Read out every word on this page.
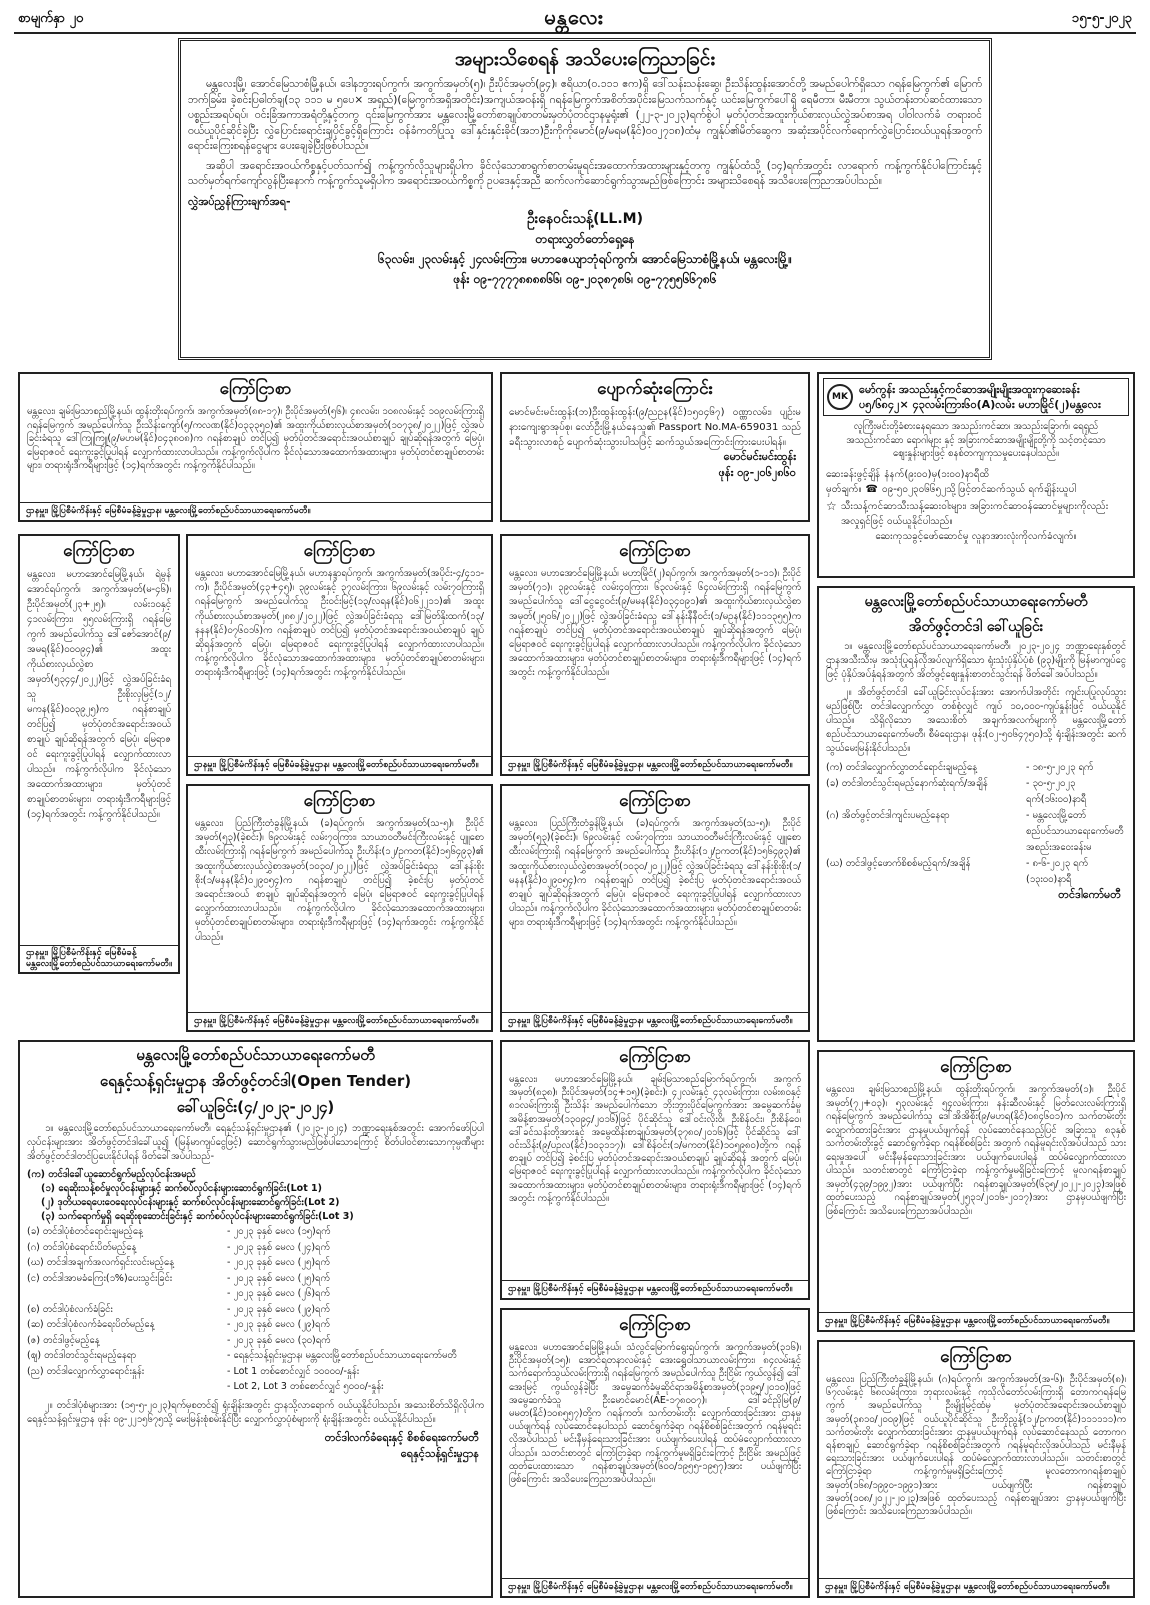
စာမျက်နှာ ၂၀	မန္တလေး	၁၅-၅-၂၀၂၃
အများသိစေရန် အသိပေးကြေညာခြင်း

မန္တလေးမြို့၊ အောင်မြေသာစံမြို့နယ်၊ ဒေါနဘွားရပ်ကွက်၊ အကွက်အမှတ်(၅)၊ ဦးပိုင်အမှတ်(၉၄)၊ ဧရိယာ(၀.၁၁၁ ဧက)ရှိ ဒေါ်သန်းသန်းဆွေ၊ ဦးသိန်းထွန်းအောင်တို့ အမည်ပေါက်ရှိသော ဂရန်မြေကွက်၏ မြောက်ဘက်ခြမ်း၊ ခဲ့စင်းပြဓါတ်ချ(၁၃ ၁၁၁ မ ၅ပေ× အရှည်)(မြေကွက်အရှိအတိုင်း)အကျယ်အဝန်းရှိ ဂရန်မြေကွက်အစိတ်အပိုင်းမြေသက်သက်နှင့် ယင်းမြေကွက်ပေါ်ရှိ ရေမီတာ၊ မီးမီတာ၊ သွယ်တန်းတပ်ဆင်ထားသော ပစ္စည်းအရပ်ရပ်၊ ဝင်းခြံအကာအရံတို့နှင့်တကွ ၎င်းမြေကွက်အား မန္တလေးမြို့တော်စာချုပ်စာတမ်းမှတ်ပုံတင်ဌာနမှုရုံး၏ (၂၂-၃-၂၀၂၃)ရက်စွဲပါ မှတ်ပုံတင်အထူးကိုယ်စားလှယ်လွှဲအပ်စာအရ ပါဝါလက်ခံ တရားဝင်ဝယ်ယူပိုင်ဆိုင်ခဲ့ပြီး လွှဲပြောင်းရောင်းချပိုင်ခွင့်ရှိကြောင်း ဝန်ခံကတိပြုသူ ဒေါ်နှင်းနှင်းခိုင်(အဘ)ဦးကိုကိုမောင်(၉/မရမ(နိုင်)၀၀၂၇၁၈)ထံမှ ကျွန်ုပ်၏မိတ်ဆွေက အဆုံးအပိုင်လက်ရောက်လွှဲပြောင်းဝယ်ယူရန်အတွက် ရောင်းကြေးစရန်ငွေများ ပေးချေခဲ့ပြီးဖြစ်ပါသည်။

အဆိုပါ အရောင်းအဝယ်ကိစ္စနှင့်ပတ်သက်၍ ကန့်ကွက်လိုသူများရှိပါက ခိုင်လုံသောစာရွက်စာတမ်းမူရင်းအထောက်အထားများနှင့်တကွ ကျွန်ုပ်ထံသို့ (၁၄)ရက်အတွင်း လာရောက် ကန့်ကွက်နိုင်ပါကြောင်းနှင့် သတ်မှတ်ရက်ကျော်လွန်ပြီးနောက် ကန့်ကွက်သူမရှိပါက အရောင်းအဝယ်ကိစ္စကို ဥပဒေနှင့်အညီ ဆက်လက်ဆောင်ရွက်သွားမည်ဖြစ်ကြောင်း အများသိစေရန် အသိပေးကြေညာအပ်ပါသည်။

လွှဲအပ်ညွှန်ကြားချက်အရ-
ဦးနေဝင်းသန့်(LL.M)
တရားလွှတ်တော်ရှေ့နေ
၆၃လမ်း၊ ၂၃လမ်းနှင့် ၂၄လမ်းကြား၊ မဟာဇေယျာဘုံရပ်ကွက်၊ အောင်မြေသာစံမြို့နယ်၊ မန္တလေးမြို့။
ဖုန်း ၀၉-၇၇၇၇၈၈၈၈၆၆၊ ၀၉-၂၀၃၈၇၈၆၊ ၀၉-၇၇၅၅၆၆၇၈၆
ကြော်ငြာစာ
မန္တလေး၊ ချမ်းမြသာစည်မြို့နယ်၊ ထွန်းတိုးရပ်ကွက်၊ အကွက်အမှတ်(၈၈-၁၇)၊ ဦးပိုင်အမှတ်(၅၆)၊ ၄၈လမ်း၊ ၁၀၈လမ်းနှင့် ၁၀၉လမ်းကြားရှိ ဂရန်မြေကွက် အမည်ပေါက်သူ ဦးသိန်းကျော်(၅/ကလဏ(နိုင်)၀၃၃၃၅၀)၏ အထူးကိုယ်စားလှယ်စာအမှတ်(၁၀၇၃၈/၂၀၂၂)ဖြင့် လွှဲအပ်ခြင်းခံရသူ ဒေါ်ကြူကြူ(၉/မဟမ(နိုင်)၀၄၃၈၀၈)က ဂရန်စာချုပ် တင်ပြ၍ မှတ်ပုံတင်အရောင်းအဝယ်စာချုပ် ချုပ်ဆိုရန်အတွက် မြေပုံ၊ မြေရာဇဝင် ရေးကူးခွင့်ပြုပါရန် လျှောက်ထားလာပါသည်။ ကန့်ကွက်လိုပါက ခိုင်လုံသောအထောက်အထားများ၊ မှတ်ပုံတင်စာချုပ်စာတမ်းများ၊ တရားရုံးဒီကရီများဖြင့် (၁၄)ရက်အတွင်း ကန့်ကွက်နိုင်ပါသည်။
ဌာနမှူး၊ မြို့ပြစီမံကိန်းနှင့် မြေစီမံခန့်ခွဲမှုဌာန၊ မန္တလေးမြို့တော်စည်ပင်သာယာရေးကော်မတီ။
ပျောက်ဆုံးကြောင်း
မောင်မင်းမင်းထွန်း(ဘ)ဦးထွန်းထွန်း(၉/ညဥန(နိုင်)၁၅၀၄၆၇) ဝဏ္ဏာလမ်း၊ ပျဉ်းမနားကျေးရွာအုပ်စု၊ လော်ဦးမြို့နယ်နေသူ၏ Passport No.MA-659031 သည် ခရီးသွားလာစဉ် ပျောက်ဆုံးသွားပါသဖြင့် ဆက်သွယ်အကြောင်းကြားပေးပါရန်။
မောင်မင်းမင်းထွန်း
ဖုန်း ၀၉-၂၀၆၂၈၆၀
MK
မော်ကွန်း အသည်းနှင့်ကင်ဆာအမျိုးမျိုးအထူးကုဆေးခန်း
ပ၅/၆၈၄၂× ၄၃လမ်းကြား၆၀(A)လမ်း မဟာမြိုင်(၂)မန္တလေး
လူကြီးမင်းတို့ခံစားနေရသော အသည်းကင်ဆာ၊ အသည်းခြောက်၊ ရေရှည်
အသည်းကင်ဆာ ရောဂါများ နှင့် အခြားကင်ဆာအမျိုးမျိုးတို့ကို သင့်တင့်သော
ဈေးနှုန်းများဖြင့် စနစ်တကျကုသမှုပေးနေပါသည်။
ဆေးခန်းဖွင့်ချိန် နံနက်(၉း၀၀)မှ(၁း၀၀)နာရီထိ
မှတ်ချက်။ ☎ ၀၉-၅၀၂၃၀၆၆၅၂သို့ဖြင့်တင်ဆက်သွယ် ရက်ချိန်းယူပါ
☆ သီးသန့်ကင်ဆာသီးသန့်ဆေးဝါးများ၊ အခြားကင်ဆာဝန်ဆောင်မှုများကိုလည်း
အလှုရှင်ဖြင့် ဝယ်ယူနိုင်ပါသည်။
ဆေးကုသခွင့်ဖော်ဆောင်မှု လူနာအားလုံးကိုလက်ခံလျက်။
ကြော်ငြာစာ
မန္တလေး၊ မဟာအောင်မြေမြို့နယ်၊ ရဲမွန်အောင်ရပ်ကွက်၊ အကွက်အမှတ်(မ-၄၆)၊ ဦးပိုင်အမှတ်(၂၃+၂၅)၊ လမ်း၁၀နှင့် ၄၁လမ်းကြား၊ ၅၅လမ်းကြားရှိ ဂရန်မြေကွက် အမည်ပေါက်သူ ဒေါ်ဇော်အောင်(၉/အမရ(နိုင်)၀၀၀၉၄)၏ အထူးကိုယ်စားလှယ်လွှဲစာ အမှတ်(၅၃၄၄/၂၀၂၂)ဖြင့် လွှဲအပ်ခြင်းခံရသူ ဦးစိုးလှမြင့်(၁၂/မကန(နိုင်)၀၀၃၉၂၅)က ဂရန်စာချုပ် တင်ပြ၍ မှတ်ပုံတင်အရောင်းအဝယ် စာချုပ် ချုပ်ဆိုရန်အတွက် မြေပုံ၊ မြေရာဇဝင် ရေးကူးခွင့်ပြုပါရန် လျှောက်ထားလာပါသည်။ ကန့်ကွက်လိုပါက ခိုင်လုံသောအထောက်အထားများ၊ မှတ်ပုံတင်စာချုပ်စာတမ်းများ၊ တရားရုံးဒီကရီများဖြင့် (၁၄)ရက်အတွင်း ကန့်ကွက်နိုင်ပါသည်။
ဌာနမှူး၊ မြို့ပြစီမံကိန်းနှင့် မြေစီမံခန့်
မန္တလေးမြို့တော်စည်ပင်သာယာရေးကော်မတီ။
ကြော်ငြာစာ
မန္တလေး၊ မဟာအောင်မြေမြို့နယ်၊ မဟာနန္ဒာရပ်ကွက်၊ အကွက်အမှတ်(အပိုင်း-၄/၄၁၁-က)၊ ဦးပိုင်အမှတ်(၄၃+၄၅)၊ ၃၉လမ်းနှင့် ၃၇လမ်းကြား၊ ၆၉လမ်းနှင့် လမ်း၇၀ကြားရှိ ဂရန်မြေကွက် အမည်ပေါက်သူ ဦးဝင်းမြင့်(၁၃/လရန(နိုင်)၀၆၂၂၁၁)၏ အထူးကိုယ်စားလှယ်စာအမှတ်(၂၈၈၂/၂၀၂၂)ဖြင့် လွှဲအပ်ခြင်းခံရသူ ဒေါ်မြတ်နိုးထက်(၁၃/နနန(နိုင်)၀၇၆၀၁၆)က ဂရန်စာချုပ် တင်ပြ၍ မှတ်ပုံတင်အရောင်းအဝယ်စာချုပ် ချုပ်ဆိုရန်အတွက် မြေပုံ၊ မြေရာဇဝင် ရေးကူးခွင့်ပြုပါရန် လျှောက်ထားလာပါသည်။ ကန့်ကွက်လိုပါက ခိုင်လုံသောအထောက်အထားများ၊ မှတ်ပုံတင်စာချုပ်စာတမ်းများ၊ တရားရုံးဒီကရီများဖြင့် (၁၄)ရက်အတွင်း ကန့်ကွက်နိုင်ပါသည်။
ဌာနမှူး၊ မြို့ပြစီမံကိန်းနှင့် မြေစီမံခန့်ခွဲမှုဌာန၊ မန္တလေးမြို့တော်စည်ပင်သာယာရေးကော်မတီ။
ကြော်ငြာစာ
မန္တလေး၊ မဟာအောင်မြေမြို့နယ်၊ မဟာမြိုင်(၂)ရပ်ကွက်၊ အကွက်အမှတ်(၁-၁၁)၊ ဦးပိုင်အမှတ်(၇၁)၊ ၃၉လမ်းနှင့် လမ်း၄၀ကြား၊ ၆၃လမ်းနှင့် ၆၄လမ်းကြားရှိ ဂရန်မြေကွက် အမည်ပေါက်သူ ဒေါ်ငွေငွေဝင်း(၉/မမန(နိုင်)၀၃၄၀၉၁)၏ အထူးကိုယ်စားလှယ်လွှဲစာအမှတ်(၂၅၀၆/၂၀၂၂)ဖြင့် လွှဲအပ်ခြင်းခံရသူ ဒေါ်နန်းနီနီဝင်း(၁/မဥန(နိုင်)၁၁၁၃၅၅)က ဂရန်စာချုပ် တင်ပြ၍ မှတ်ပုံတင်အရောင်းအဝယ်စာချုပ် ချုပ်ဆိုရန်အတွက် မြေပုံ၊ မြေရာဇဝင် ရေးကူးခွင့်ပြုပါရန် လျှောက်ထားလာပါသည်။ ကန့်ကွက်လိုပါက ခိုင်လုံသောအထောက်အထားများ၊ မှတ်ပုံတင်စာချုပ်စာတမ်းများ၊ တရားရုံးဒီကရီများဖြင့် (၁၄)ရက်အတွင်း ကန့်ကွက်နိုင်ပါသည်။
ဌာနမှူး၊ မြို့ပြစီမံကိန်းနှင့် မြေစီမံခန့်ခွဲမှုဌာန၊ မန္တလေးမြို့တော်စည်ပင်သာယာရေးကော်မတီ။
ကြော်ငြာစာ
မန္တလေး၊ ပြည်ကြီးတံခွန်မြို့နယ်၊ (ခ)ရပ်ကွက်၊ အကွက်အမှတ်(သ-၅)၊ ဦးပိုင်အမှတ်(၅၃)(ခဲ့စင်း)၊ ၆၉လမ်းနှင့် လမ်း၇၀ကြား၊ သာယာဝတီမင်းကြီးလမ်းနှင့် ပျူစောထီးလမ်းကြားရှိ ဂရန်မြေကွက် အမည်ပေါက်သူ ဦးဟိန်း(၁၂/ဥကတ(နိုင်)၁၅၆၄၉၃)၏ အထူးကိုယ်စားလှယ်လွှဲစာအမှတ်(၁၀၃၀/၂၀၂၂)ဖြင့် လွှဲအပ်ခြင်းခံရသူ ဒေါ်နန်းစိုးစိုး(၁/မနန(နိုင်)၀၂၉၀၅၄)က ဂရန်စာချုပ် တင်ပြ၍ ခဲ့စင်းပြ မှတ်ပုံတင်အရောင်းအဝယ် စာချုပ် ချုပ်ဆိုရန်အတွက် မြေပုံ၊ မြေရာဇဝင် ရေးကူးခွင့်ပြုပါရန် လျှောက်ထားလာပါသည်။ ကန့်ကွက်လိုပါက ခိုင်လုံသောအထောက်အထားများ၊ မှတ်ပုံတင်စာချုပ်စာတမ်းများ၊ တရားရုံးဒီကရီများဖြင့် (၁၄)ရက်အတွင်း ကန့်ကွက်နိုင်ပါသည်။
ဌာနမှူး၊ မြို့ပြစီမံကိန်းနှင့် မြေစီမံခန့်ခွဲမှုဌာန၊ မန္တလေးမြို့တော်စည်ပင်သာယာရေးကော်မတီ။
ကြော်ငြာစာ
မန္တလေး၊ ပြည်ကြီးတံခွန်မြို့နယ်၊ (ခ)ရပ်ကွက်၊ အကွက်အမှတ်(သ-၅)၊ ဦးပိုင်အမှတ်(၅၃)(ခဲ့စင်း)၊ ၆၉လမ်းနှင့် လမ်း၇၀ကြား၊ သာယာဝတီမင်းကြီးလမ်းနှင့် ပျူစောထီးလမ်းကြားရှိ ဂရန်မြေကွက် အမည်ပေါက်သူ ဦးဟိန်း(၁၂/ဥကတ(နိုင်)၁၅၆၄၉၃)၏ အထူးကိုယ်စားလှယ်လွှဲစာအမှတ်(၁၀၃၀/၂၀၂၂)ဖြင့် လွှဲအပ်ခြင်းခံရသူ ဒေါ်နန်းစိုးစိုး(၁/မနန(နိုင်)၀၂၉၀၅၄)က ဂရန်စာချုပ် တင်ပြ၍ ခဲ့စင်းပြ မှတ်ပုံတင်အရောင်းအဝယ် စာချုပ် ချုပ်ဆိုရန်အတွက် မြေပုံ၊ မြေရာဇဝင် ရေးကူးခွင့်ပြုပါရန် လျှောက်ထားလာပါသည်။ ကန့်ကွက်လိုပါက ခိုင်လုံသောအထောက်အထားများ၊ မှတ်ပုံတင်စာချုပ်စာတမ်းများ၊ တရားရုံးဒီကရီများဖြင့် (၁၄)ရက်အတွင်း ကန့်ကွက်နိုင်ပါသည်။
ဌာနမှူး၊ မြို့ပြစီမံကိန်းနှင့် မြေစီမံခန့်ခွဲမှုဌာန၊ မန္တလေးမြို့တော်စည်ပင်သာယာရေးကော်မတီ။
မန္တလေးမြို့တော်စည်ပင်သာယာရေးကော်မတီ
အိတ်ဖွင့်တင်ဒါ ခေါ်ယူခြင်း

၁။ မန္တလေးမြို့တော်စည်ပင်သာယာရေးကော်မတီ၊ ၂၀၂၃-၂၀၂၄ ဘဏ္ဍာရေးနှစ်တွင် ဌာနအသီးသီးမှ အသုံးပြုရန်လိုအပ်လျက်ရှိသော ရုံးသုံးပုံနှိပ်ပုံစံ (၉၃)မျိုးကို မြန်မာကျပ်ငွေဖြင့် ပုံနှိပ်အပ်နှံရန်အတွက် အိတ်ဖွင့်ဈေးနှုန်းစာတင်သွင်းရန် ဖိတ်ခေါ်အပ်ပါသည်။

၂။ အိတ်ဖွင့်တင်ဒါ ခေါ်ယူခြင်းလုပ်ငန်းအား အောက်ပါအတိုင်း ကျင်းပပြုလုပ်သွားမည်ဖြစ်ပြီး တင်ဒါလျှောက်လွှာ တစ်စုံလျှင် ကျပ် ၁၀,၀၀၀-ကျပ်နှုန်းဖြင့် ဝယ်ယူနိုင်ပါသည်။ သိရှိလိုသော အသေးစိတ် အချက်အလက်များကို မန္တလေးမြို့တော်စည်ပင်သာယာရေးကော်မတီ၊ စီမံရေးဌာန၊ ဖုန်း(၀၂-၅၀၆၄၇၅၀)သို့ ရုံးချိန်းအတွင်း ဆက်သွယ်မေးမြန်းနိုင်ပါသည်။

(က) တင်ဒါလျှောက်လွှာတင်ရောင်းချမည့်နေ့	- ၁၈-၅-၂၀၂၃ ရက်
(ခ) တင်ဒါတင်သွင်းရမည့်နောက်ဆုံးရက်/အချိန်	- ၃၀-၅-၂၀၂၃ ရက်(၁၆း၀၀)နာရီ
(ဂ) အိတ်ဖွင့်တင်ဒါကျင်းပမည့်နေရာ	- မန္တလေးမြို့တော်စည်ပင်သာယာရေးကော်မတီအစည်းအဝေးခန်းမ
(ဃ) တင်ဒါဖွင့်ဖောက်စိစစ်မည့်ရက်/အချိန်	- ၈-၆-၂၀၂၃ ရက် (၁၃း၀၀)နာရီ
တင်ဒါကော်မတီ
မန္တလေးမြို့တော်စည်ပင်သာယာရေးကော်မတီ
ရေနှင့်သန့်ရှင်းမှုဌာန အိတ်ဖွင့်တင်ဒါ(Open Tender)
ခေါ်ယူခြင်း(၄/၂၀၂၃-၂၀၂၄)

၁။ မန္တလေးမြို့တော်စည်ပင်သာယာရေးကော်မတီ၊ ရေနှင့်သန့်ရှင်းမှုဌာန၏ (၂၀၂၃-၂၀၂၄) ဘဏ္ဍာရေးနှစ်အတွင်း အောက်ဖော်ပြပါ လုပ်ငန်းများအား အိတ်ဖွင့်တင်ဒါခေါ်ယူ၍ (မြန်မာကျပ်ငွေဖြင့်) ဆောင်ရွက်သွားမည်ဖြစ်ပါသောကြောင့် စိတ်ပါဝင်စားသောကုမ္ပဏီများ အိတ်ဖွင့်တင်ဒါတင်ပြပေးနိုင်ပါရန် ဖိတ်ခေါ်အပ်ပါသည်-

(က) တင်ဒါခေါ်ယူဆောင်ရွက်မည့်လုပ်ငန်းအမည်
(၁) ရေဆိုးသန့်စင်မှုလုပ်ငန်းများနှင့် ဆက်စပ်လုပ်ငန်းများဆောင်ရွက်ခြင်း(Lot 1)
(၂) ဒုတိယရေပေးဝေရေးလုပ်ငန်းများနှင့် ဆက်စပ်လုပ်ငန်းများဆောင်ရွက်ခြင်း(Lot 2)
(၃) သက်ရောက်မှုရှိ ရေဆိုးစုဆောင်းခြင်းနှင့် ဆက်စပ်လုပ်ငန်းများဆောင်ရွက်ခြင်း(Lot 3)
(ခ) တင်ဒါပုံစံတင်ရောင်းချမည့်နေ့	- ၂၀၂၃ ခုနှစ် မေလ (၁၅)ရက်
(ဂ) တင်ဒါပုံစံရောင်းပိတ်မည့်နေ့	- ၂၀၂၃ ခုနှစ် မေလ (၂၄)ရက်
(ဃ) တင်ဒါအချက်အလက်ရှင်းလင်းမည့်နေ့	- ၂၀၂၃ ခုနှစ် မေလ (၂၅)ရက်
(င) တင်ဒါအာမခံကြေး(၁%)ပေးသွင်းခြင်း	- ၂၀၂၃ ခုနှစ် မေလ (၂၅)ရက်
- ၂၀၂၃ ခုနှစ် မေလ (၂၆)ရက်
(စ) တင်ဒါပုံစံလက်ခံခြင်း	- ၂၀၂၃ ခုနှစ် မေလ (၂၉)ရက်
(ဆ) တင်ဒါပုံစံလက်ခံရေးပိတ်မည့်နေ့	- ၂၀၂၃ ခုနှစ် မေလ (၂၉)ရက်
(ဇ) တင်ဒါဖွင့်မည့်နေ့	- ၂၀၂၃ ခုနှစ် မေလ (၃၀)ရက်
(ဈ) တင်ဒါတင်သွင်းရမည့်နေရာ	- ရေနှင့်သန့်ရှင်းမှုဌာန၊ မန္တလေးမြို့တော်စည်ပင်သာယာရေးကော်မတီ
(ည) တင်ဒါလျှောက်လွှာရောင်းနှုန်း	- Lot 1 တစ်စောင်လျှင် ၁၀၀၀၀/-နှုန်း
- Lot 2, Lot 3 တစ်စောင်လျှင် ၅၀၀၀/-နှုန်း

၂။ တင်ဒါပုံစံများအား (၁၅-၅-၂၀၂၃)ရက်မှစတင်၍ ရုံးချိန်းအတွင်း ဌာနသို့လာရောက် ဝယ်ယူနိုင်ပါသည်။ အသေးစိတ်သိရှိလိုပါက ရေနှင့်သန့်ရှင်းမှုဌာန ဖုန်း ၀၉-၂၂၁၅၆၇၅သို့ မေးမြန်းစုံစမ်းနိုင်ပြီး လျှောက်လွှာပုံစံများကို ရုံးချိန်းအတွင်း ဝယ်ယူနိုင်ပါသည်။

တင်ဒါလက်ခံရေးနှင့် စိစစ်ရေးကော်မတီ
ရေနှင့်သန့်ရှင်းမှုဌာန
ကြော်ငြာစာ
မန္တလေး၊ မဟာအောင်မြေမြို့နယ်၊ ချမ်းမြသာစည်မြောက်ရပ်ကွက်၊ အကွက်အမှတ်(၈၃၈)၊ ဦးပိုင်အမှတ်(၁၄+၁၅)(ခဲ့စင်း)၊ ၄၂လမ်းနှင့် ၄၃လမ်းကြား၊ လမ်း၈၀နှင့် ၈၁လမ်းကြားရှိ ဦးသိန်း အမည်ပေါက်သော ဘိုးဘွားပိုင်မြေကွက်အား အမွေဆက်ခံမှုအမိန့်စာအမှတ်(၁၃၀၉၄/၂၀၁၆)ဖြင့် ပိုင်ဆိုင်သူ ဒေါ်ဝင်းလိုးဝိ၊ ဦးစိန်ဝင်း၊ ဦးစိန်ဝေ၊ ဒေါ်ခင်သန်းတို့အားနှင့် အမွေထိန်းစာချုပ်အမှတ်(၃၇၈၀/၂၀၁၆)ဖြင့် ပိုင်ဆိုင်သူ ဒေါ်ဝင်းသိန်း(၉/ပဥလ(နိုင်)၁၀၃၁၁၇)၊ ဒေါ်စိန်ဝင်း(၁/မကတ(နိုင်)၁၀၅၉၈၀)တို့က ဂရန်စာချုပ် တင်ပြ၍ ခဲ့စင်းပြ မှတ်ပုံတင်အရောင်းအဝယ်စာချုပ် ချုပ်ဆိုရန် အတွက် မြေပုံ၊ မြေရာဇဝင် ရေးကူးခွင့်ပြုပါရန် လျှောက်ထားလာပါသည်။ ကန့်ကွက်လိုပါက ခိုင်လုံသောအထောက်အထားများ၊ မှတ်ပုံတင်စာချုပ်စာတမ်းများ၊ တရားရုံးဒီကရီများဖြင့် (၁၄)ရက်အတွင်း ကန့်ကွက်နိုင်ပါသည်။
ဌာနမှူး၊ မြို့ပြစီမံကိန်းနှင့် မြေစီမံခန့်ခွဲမှုဌာန၊ မန္တလေးမြို့တော်စည်ပင်သာယာရေးကော်မတီ။
ကြော်ငြာစာ
မန္တလေး၊ မဟာအောင်မြေမြို့နယ်၊ သံလွင်မြောက်ရွေးရပ်ကွက်၊ အကွက်အမှတ်(၃၁၆)၊ ဦးပိုင်အမှတ်(၁၅)၊ အောင်ရတနာလမ်းနှင့် အေးရွှေဝါသာယာလမ်းကြား၊ ၈၄လမ်းနှင့် သက်ရောက်သွယ်လမ်းကြားရှိ ဂရန်မြေကွက် အမည်ပေါက်သူ ဦးငြိမ်း ကွယ်လွန်၍ ဒေါ်အေးမြင့် ကွယ်လွန်ခဲ့ပြီး အမွေဆက်ခံမှုဆိုင်ရာအမိန့်စာအမှတ်(၃၁၉၅/၂၀၁၀)ဖြင့် အမွေဆက်ခံသူ ဦးမောင်မောင်(AE-၁၇၈၀၀၇)၊ ဒေါ်ခင်ညိုမြ(၉/မမတ(နိုင်)၁၀၈၅၅၇)တို့က ဂရန်ကတ်၊ သက်တမ်းတိုး လျှောက်ထားခြင်းအား ဌာနမှုပယ်ဖျက်ရန် လုပ်ဆောင်နေပါသည် ဆောင်ရွက်ခဲ့ရာ ဂရန်စိစစ်ခြင်းအတွက် ဂရန်မူရင်းလိုအပ်ပါသည် မင်းနီမှန်ရေးသားခြင်းအား ပယ်ဖျက်ပေးပါရန် ထပ်မံလျှောက်ထားလာပါသည်။ သတင်းစာတွင် ကြော်ငြာခဲ့ရာ ကန့်ကွက်မှုမရှိခြင်းကြောင့် ဦးငြိမ်း အမည်ဖြင့် ထုတ်ပေးထားသော ဂရန်စာချုပ်အမှတ်(၆၀၀/၁၉၅၅-၁၉၅၇)အား ပယ်ဖျက်ပြီးဖြစ်ကြောင်း အသိပေးကြေညာအပ်ပါသည်။
ဌာနမှူး၊ မြို့ပြစီမံကိန်းနှင့် မြေစီမံခန့်ခွဲမှုဌာန၊ မန္တလေးမြို့တော်စည်ပင်သာယာရေးကော်မတီ။
ကြော်ငြာစာ
မန္တလေး၊ ချမ်းမြသာစည်မြို့နယ်၊ ထွန်းတိုးရပ်ကွက်၊ အကွက်အမှတ်(၁)၊ ဦးပိုင်အမှတ်(၇၂+၀၃)၊ ၅၃လမ်းနှင့် ၅၄လမ်းကြား၊ နန်းဆီလမ်းနှင့် မြတ်လေးလမ်းကြားရှိ ဂရန်မြေကွက် အမည်ပေါက်သူ ဒေါ်အိအိစိုး(၉/မဟရ(နိုင်)၀၈၄၆၀၁)က သက်တမ်းတိုး လျှောက်ထားခြင်းအား ဌာနမှုပယ်ဖျက်ရန် လုပ်ဆောင်နေသည့်ပြင် အခြားသူ ၈၃နှစ် သက်တမ်းတိုးခွင့် ဆောင်ရွက်ခဲ့ရာ ဂရန်စိစစ်ခြင်း အတွက် ဂရန်မူရင်းလိုအပ်ပါသည် သားရေးမှုအပေါ် မင်းနီမှန်ရေးသားခြင်းအား ပယ်ဖျက်ပေးပါရန် ထပ်မံလျှောက်ထားလာပါသည်။ သတင်းစာတွင် ကြော်ငြာခဲ့ရာ ကန့်ကွက်မှုမရှိခြင်းကြောင့် မူလဂရန်စာချုပ်အမှတ်(၄၃၉/၁၉၉၂)အား ပယ်ဖျက်ပြီး ဂရန်စာချုပ်အမှတ်(၆၃၅/၂၀၂၂-၂၀၂၃)အဖြစ် ထုတ်ပေးသည့် ဂရန်စာချုပ်အမှတ်(၂၅၃၁/၂၀၁၆-၂၀၁၇)အား ဌာနမှပယ်ဖျက်ပြီးဖြစ်ကြောင်း အသိပေးကြေညာအပ်ပါသည်။
ဌာနမှူး၊ မြို့ပြစီမံကိန်းနှင့် မြေစီမံခန့်ခွဲမှုဌာန၊ မန္တလေးမြို့တော်စည်ပင်သာယာရေးကော်မတီ။
ကြော်ငြာစာ
မန္တလေး၊ ပြည်ကြီးတံခွန်မြို့နယ်၊ (ဂ)ရပ်ကွက်၊ အကွက်အမှတ်(အ-၆)၊ ဦးပိုင်အမှတ်(၈)၊ ၆၇လမ်းနှင့် ၆၈လမ်းကြား၊ ဘုရားလမ်းနှင့် ကုသိုလ်တော်လမ်းကြားရှိ တောကဂရန်မြေကွက် အမည်ပေါက်သူ ဦးမျိုးမြင့်ထံမှ မှတ်ပုံတင်အရောင်းအဝယ်စာချုပ်အမှတ်(၃၈၁၀/၂၀၀၉)ဖြင့် ဝယ်ယူပိုင်ဆိုင်သူ ဦးဘိုညွန့်(၁၂/ဥကတ(နိုင်)၁၁၁၁၁၁)က သက်တမ်းတိုး လျှောက်ထားခြင်းအား ဌာနမှုပယ်ဖျက်ရန် လုပ်ဆောင်နေသည် တောကဂရန်စာချုပ် ဆောင်ရွက်ခဲ့ရာ ဂရန်စိစစ်ခြင်းအတွက် ဂရန်မူရင်းလိုအပ်ပါသည် မင်းနီမှန်ရေးသားခြင်းအား ပယ်ဖျက်ပေးပါရန် ထပ်မံလျှောက်ထားလာပါသည်။ သတင်းစာတွင် ကြော်ငြာခဲ့ရာ ကန့်ကွက်မှုမရှိခြင်းကြောင့် မူလတောကဂရန်စာချုပ်အမှတ်(၁၆၈/၁၉၉၀-၁၉၉၁)အား ပယ်ဖျက်ပြီး ဂရန်စာချုပ်အမှတ်(၁၀၈/၂၀၂၂-၂၀၂၃)အဖြစ် ထုတ်ပေးသည့် ဂရန်စာချုပ်အား ဌာနမှပယ်ဖျက်ပြီးဖြစ်ကြောင်း အသိပေးကြေညာအပ်ပါသည်။
ဌာနမှူး၊ မြို့ပြစီမံကိန်းနှင့် မြေစီမံခန့်ခွဲမှုဌာန၊ မန္တလေးမြို့တော်စည်ပင်သာယာရေးကော်မတီ။
